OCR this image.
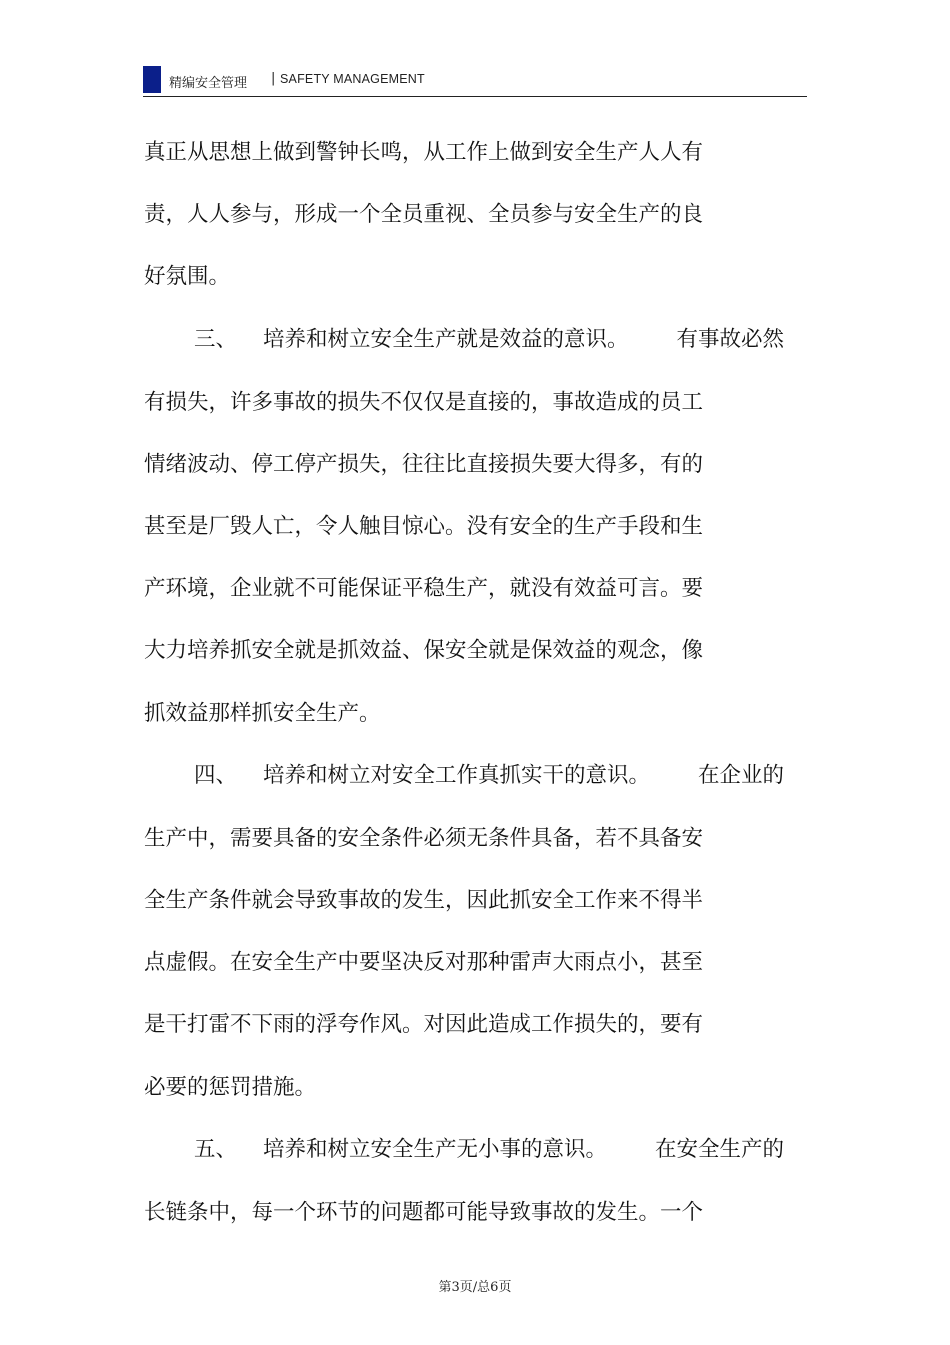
精编安全管理 | SAFETY MANAGEMENT
真正从思想上做到警钟长鸣，从工作上做到安全生产人人有
责，人人参与，形成一个全员重视、全员参与安全生产的良
好氛围。
三、 培养和树立安全生产就是效益的意识。 有事故必然
有损失，许多事故的损失不仅仅是直接的，事故造成的员工
情绪波动、停工停产损失，往往比直接损失要大得多，有的
甚至是厂毁人亡，令人触目惊心。没有安全的生产手段和生
产环境，企业就不可能保证平稳生产，就没有效益可言。要
大力培养抓安全就是抓效益、保安全就是保效益的观念，像
抓效益那样抓安全生产。
四、 培养和树立对安全工作真抓实干的意识。 在企业的
生产中，需要具备的安全条件必须无条件具备，若不具备安
全生产条件就会导致事故的发生，因此抓安全工作来不得半
点虚假。在安全生产中要坚决反对那种雷声大雨点小，甚至
是干打雷不下雨的浮夸作风。对因此造成工作损失的，要有
必要的惩罚措施。
五、 培养和树立安全生产无小事的意识。 在安全生产的
长链条中，每一个环节的问题都可能导致事故的发生。一个
第3页/总6页
